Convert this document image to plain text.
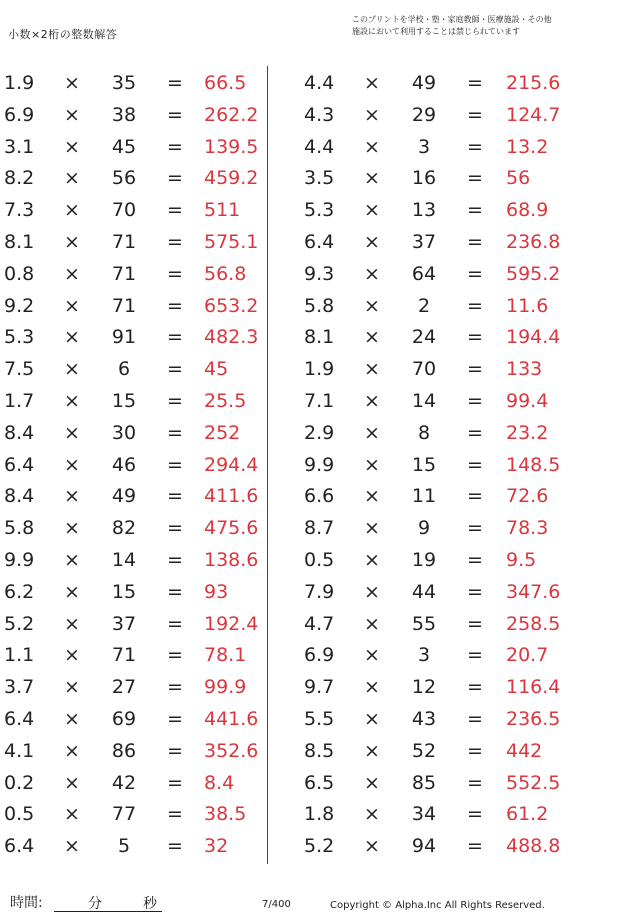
小数×2桁の整数解答
このプリントを学校・塾・家庭教師・医療施設・その他
施設において利用することは禁じられています
1.9 ×	35	= 66.5
6.9 ×	38	= 262.2
3.1 ×	45	= 139.5
8.2 ×	56	= 459.2
7.3 ×	70	= 511
8.1 ×	71	= 575.1
0.8 ×	71	= 56.8
9.2 ×	71	= 653.2
5.3 ×	91	= 482.3
7.5 ×	6	= 45
1.7 ×	15	= 25.5
8.4 ×	30	= 252
6.4 ×	46	= 294.4
8.4 ×	49	= 411.6
5.8 ×	82	= 475.6
9.9 ×	14	= 138.6
6.2 ×	15	= 93
5.2 ×	37	= 192.4
1.1 ×	71	= 78.1
3.7 ×	27	= 99.9
6.4 ×	69	= 441.6
4.1 ×	86	= 352.6
0.2 ×	42	= 8.4
0.5 ×	77	= 38.5
6.4 ×	5	= 32
4.4 ×	49	= 215.6
4.3 ×	29	= 124.7
4.4 ×	3	= 13.2
3.5 ×	16	= 56
5.3 ×	13	= 68.9
6.4 ×	37	= 236.8
9.3 ×	64	= 595.2
5.8 ×	2	= 11.6
8.1 ×	24	= 194.4
1.9 ×	70	= 133
7.1 ×	14	= 99.4
2.9 ×	8	= 23.2
9.9 ×	15	= 148.5
6.6 ×	11	= 72.6
8.7 ×	9	= 78.3
0.5 ×	19	= 9.5
7.9 ×	44	= 347.6
4.7 ×	55	= 258.5
6.9 ×	3	= 20.7
9.7 ×	12	= 116.4
5.5 ×	43	= 236.5
8.5 ×	52	= 442
6.5 ×	85	= 552.5
1.8 ×	34	= 61.2
5.2 ×	94	= 488.8
時間:	分	秒	7/400	Copyright © Alpha.Inc All Rights Reserved.
